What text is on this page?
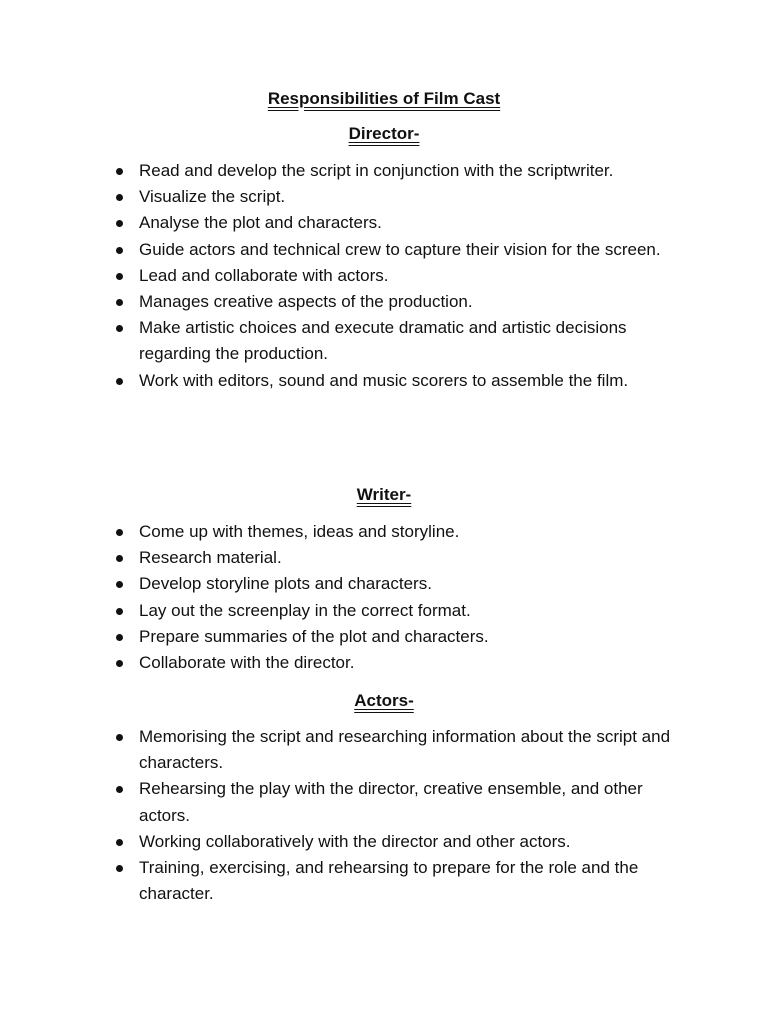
Responsibilities of Film Cast
Director-
Read and develop the script in conjunction with the scriptwriter.
Visualize the script.
Analyse the plot and characters.
Guide actors and technical crew to capture their vision for the screen.
Lead and collaborate with actors.
Manages creative aspects of the production.
Make artistic choices and execute dramatic and artistic decisions regarding the production.
Work with editors, sound and music scorers to assemble the film.
Writer-
Come up with themes, ideas and storyline.
Research material.
Develop storyline plots and characters.
Lay out the screenplay in the correct format.
Prepare summaries of the plot and characters.
Collaborate with the director.
Actors-
Memorising the script and researching information about the script and characters.
Rehearsing the play with the director, creative ensemble, and other actors.
Working collaboratively with the director and other actors.
Training, exercising, and rehearsing to prepare for the role and the character.
